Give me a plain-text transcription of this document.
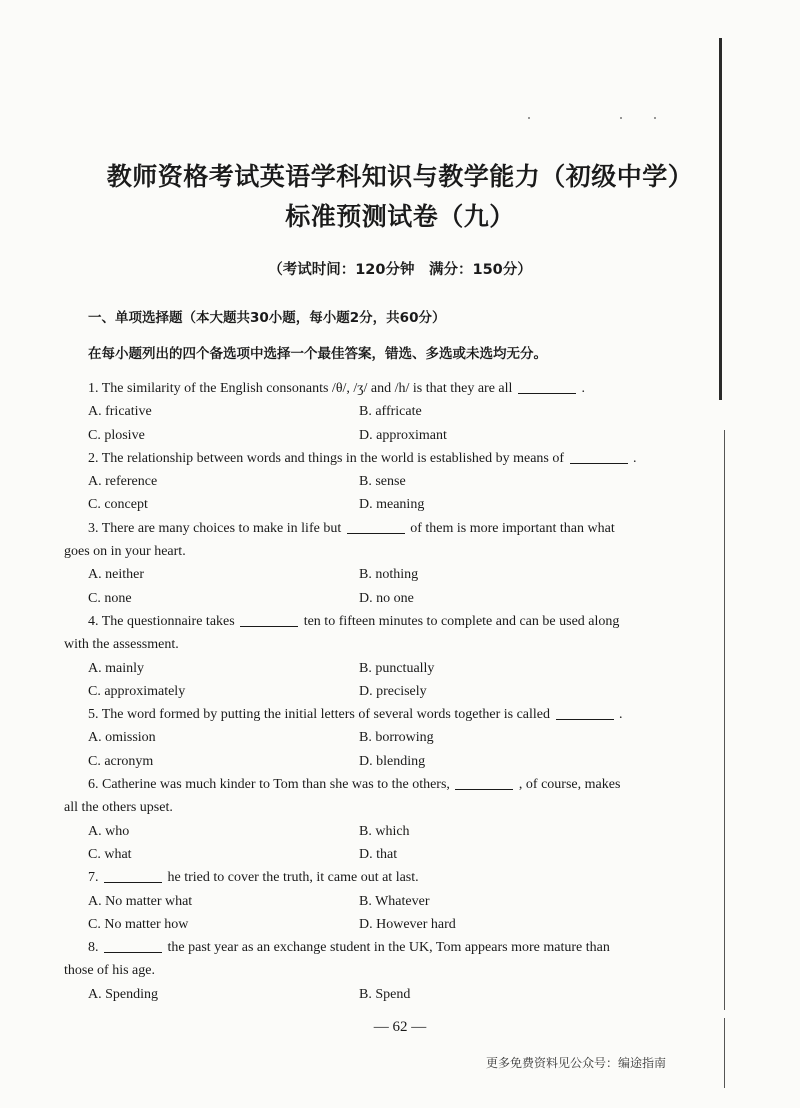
教师资格考试英语学科知识与教学能力（初级中学）
标准预测试卷（九）
（考试时间：120分钟　满分：150分）
一、单项选择题（本大题共30小题，每小题2分，共60分）
在每小题列出的四个备选项中选择一个最佳答案，错选、多选或未选均无分。
1. The similarity of the English consonants /θ/, /ʒ/ and /h/ is that they are all	.
A. fricative	B. affricate
C. plosive	D. approximant
2. The relationship between words and things in the world is established by means of	.
A. reference	B. sense
C. concept	D. meaning
3. There are many choices to make in life but	of them is more important than what
goes on in your heart.
A. neither	B. nothing
C. none	D. no one
4. The questionnaire takes	ten to fifteen minutes to complete and can be used along
with the assessment.
A. mainly	B. punctually
C. approximately	D. precisely
5. The word formed by putting the initial letters of several words together is called	.
A. omission	B. borrowing
C. acronym	D. blending
6. Catherine was much kinder to Tom than she was to the others,	, of course, makes
all the others upset.
A. who	B. which
C. what	D. that
7.	he tried to cover the truth, it came out at last.
A. No matter what	B. Whatever
C. No matter how	D. However hard
8.	the past year as an exchange student in the UK, Tom appears more mature than
those of his age.
A. Spending	B. Spend
— 62 —
更多免费资料见公众号：编途指南
